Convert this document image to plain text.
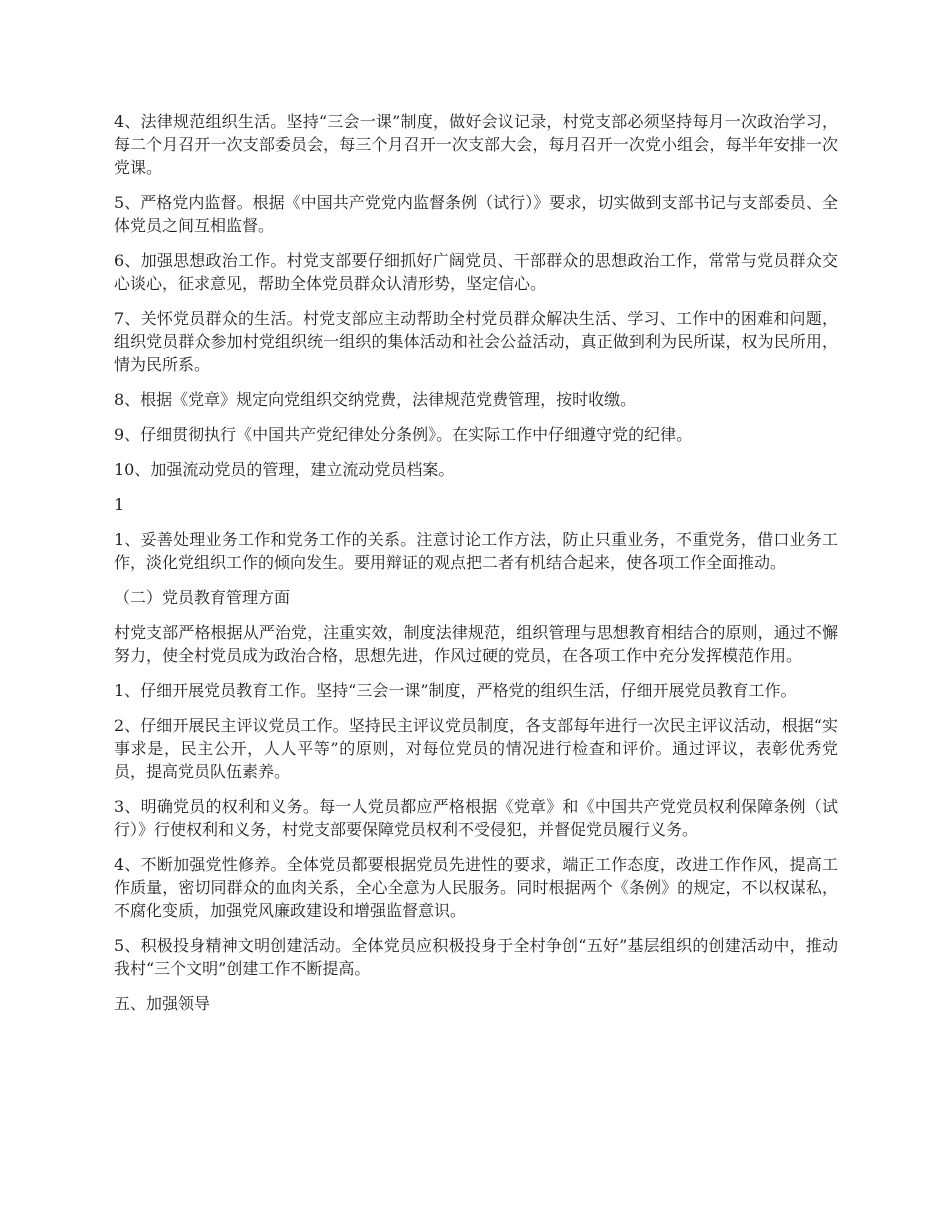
4、法律规范组织生活。坚持“三会一课”制度，做好会议记录，村党支部必须坚持每月一次政治学习，每二个月召开一次支部委员会，每三个月召开一次支部大会，每月召开一次党小组会，每半年安排一次党课。

5、严格党内监督。根据《中国共产党党内监督条例（试行）》要求，切实做到支部书记与支部委员、全体党员之间互相监督。

6、加强思想政治工作。村党支部要仔细抓好广阔党员、干部群众的思想政治工作，常常与党员群众交心谈心，征求意见，帮助全体党员群众认清形势，坚定信心。

7、关怀党员群众的生活。村党支部应主动帮助全村党员群众解决生活、学习、工作中的困难和问题，组织党员群众参加村党组织统一组织的集体活动和社会公益活动，真正做到利为民所谋，权为民所用，情为民所系。

8、根据《党章》规定向党组织交纳党费，法律规范党费管理，按时收缴。

9、仔细贯彻执行《中国共产党纪律处分条例》。在实际工作中仔细遵守党的纪律。

10、加强流动党员的管理，建立流动党员档案。

1

1、妥善处理业务工作和党务工作的关系。注意讨论工作方法，防止只重业务，不重党务，借口业务工作，淡化党组织工作的倾向发生。要用辩证的观点把二者有机结合起来，使各项工作全面推动。

（二）党员教育管理方面

村党支部严格根据从严治党，注重实效，制度法律规范，组织管理与思想教育相结合的原则，通过不懈努力，使全村党员成为政治合格，思想先进，作风过硬的党员，在各项工作中充分发挥模范作用。

1、仔细开展党员教育工作。坚持“三会一课”制度，严格党的组织生活，仔细开展党员教育工作。

2、仔细开展民主评议党员工作。坚持民主评议党员制度，各支部每年进行一次民主评议活动，根据“实事求是，民主公开，人人平等”的原则，对每位党员的情况进行检查和评价。通过评议，表彰优秀党员，提高党员队伍素养。

3、明确党员的权利和义务。每一人党员都应严格根据《党章》和《中国共产党党员权利保障条例（试行）》行使权利和义务，村党支部要保障党员权利不受侵犯，并督促党员履行义务。

4、不断加强党性修养。全体党员都要根据党员先进性的要求，端正工作态度，改进工作作风，提高工作质量，密切同群众的血肉关系，全心全意为人民服务。同时根据两个《条例》的规定，不以权谋私，不腐化变质，加强党风廉政建设和增强监督意识。

5、积极投身精神文明创建活动。全体党员应积极投身于全村争创“五好”基层组织的创建活动中，推动我村“三个文明”创建工作不断提高。

五、加强领导
